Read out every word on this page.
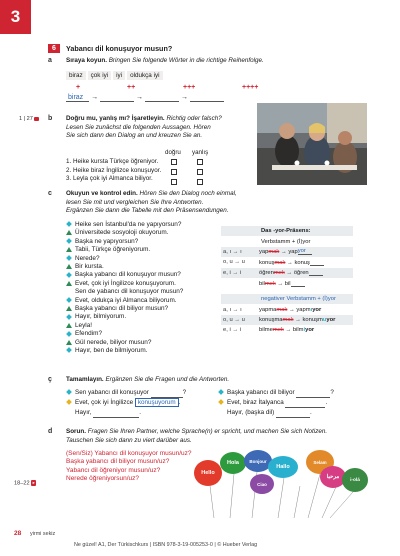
3
6	Yabancı dil konuşuyor musun?
a Sıraya koyun. Bringen Sie folgende Wörter in die richtige Reihenfolge.
biraz çok iyi iyi oldukça iyi
+	++	+++	++++
biraz →	→	→
1 | 27	b Doğru mu, yanlış mı? İşaretleyin. Richtig oder falsch?
Lesen Sie zunächst die folgenden Aussagen. Hören
Sie sich dann den Dialog an und kreuzen Sie an.
doğru yanlış
1. Heike kursta Türkçe öğreniyor.
2. Heike biraz İngilizce konuşuyor.
3. Leyla çok iyi Almanca biliyor.
c Okuyun ve kontrol edin. Hören Sie den Dialog noch einmal,
lesen Sie mit und vergleichen Sie Ihre Antworten.
Ergänzen Sie dann die Tabelle mit den Präsensendungen.
Heike sen İstanbul'da ne yapıyorsun?
Üniversitede sosyoloji okuyorum.
Başka ne yapıyorsun?
Tabii, Türkçe öğreniyorum.
Nerede?
Bir kursta.
Başka yabancı dil konuşuyor musun?
Evet, çok iyi İngilizce konuşuyorum.
Sen de yabancı dil konuşuyor musun?
Evet, oldukça iyi Almanca biliyorum.
Başka yabancı dil biliyor musun?
Hayır, bilmiyorum.
Leyla!
Efendim?
Gül nerede, biliyor musun?
Hayır, ben de bilmiyorum.
Das -yor-Präsens:
Verbstamm + (İ)yor
a, ı → ı	yapmak → yapyor
o, u → u	konuşmak → konuş
e, i → i	öğrenmek → öğren
bilmek → bil
negativer Verbstamm + (İ)yor
a, ı → ı	yapmamak → yapmıyor
o, u → u	konuşmamak → konuşmuyor
e, i → i	bilmemek → bilmiyor
ç Tamamlayın. Ergänzen Sie die Fragen und die Antworten.
Sen yabancı dil konuşuyor	?
Evet, çok iyi İngilizce konuşuyorum .
Hayır,	.
Başka yabancı dil biliyor	?
Evet, biraz İtalyanca	.
Hayır, (başka dil)	.
d Sorun. Fragen Sie Ihren Partner, welche Sprache(n) er spricht, und machen Sie sich Notizen.
Tauschen Sie sich dann zu viert darüber aus.
18–22 ▸
(Sen/Siz) Yabancı dil konuşuyor musun/uz?
Başka yabancı dil biliyor musun/uz?
Yabancı dil öğreniyor musun/uz?
Nerede öğreniyorsun/uz?
Hello
Hola	Bonjour
Hallo
Ciao
Selam
مرحبا	i-olá
28 yirmi sekiz
Ne güzel! A1, Der Türkischkurs | ISBN 978-3-19-005253-0 | © Hueber Verlag
